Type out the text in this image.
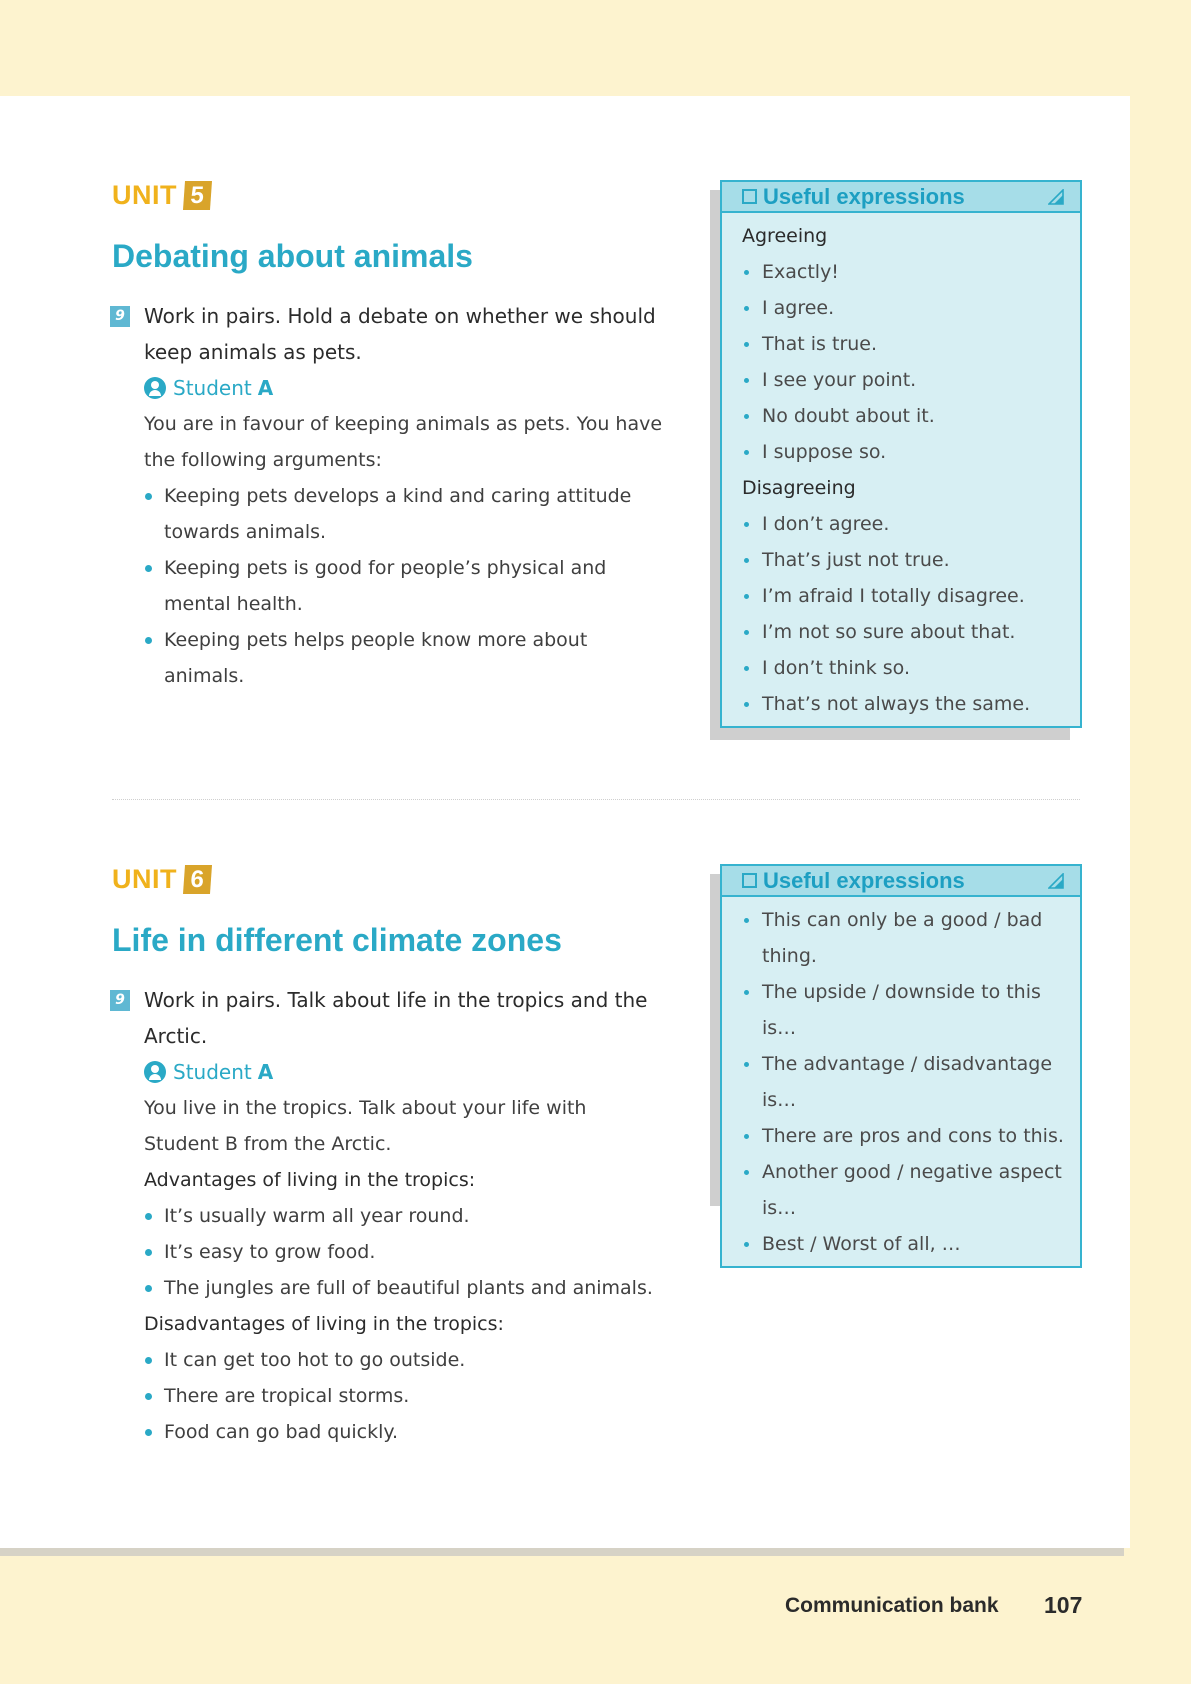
UNIT 5
Debating about animals
9 Work in pairs. Hold a debate on whether we should keep animals as pets.
Student A
You are in favour of keeping animals as pets. You have the following arguments:
Keeping pets develops a kind and caring attitude towards animals.
Keeping pets is good for people’s physical and mental health.
Keeping pets helps people know more about animals.
Useful expressions
Agreeing
Exactly!
I agree.
That is true.
I see your point.
No doubt about it.
I suppose so.
Disagreeing
I don’t agree.
That’s just not true.
I’m afraid I totally disagree.
I’m not so sure about that.
I don’t think so.
That’s not always the same.
UNIT 6
Life in different climate zones
9 Work in pairs. Talk about life in the tropics and the Arctic.
Student A
You live in the tropics. Talk about your life with Student B from the Arctic.
Advantages of living in the tropics:
It’s usually warm all year round.
It’s easy to grow food.
The jungles are full of beautiful plants and animals.
Disadvantages of living in the tropics:
It can get too hot to go outside.
There are tropical storms.
Food can go bad quickly.
Useful expressions
This can only be a good / bad thing.
The upside / downside to this is…
The advantage / disadvantage is…
There are pros and cons to this.
Another good / negative aspect is…
Best / Worst of all, …
Communication bank 107
